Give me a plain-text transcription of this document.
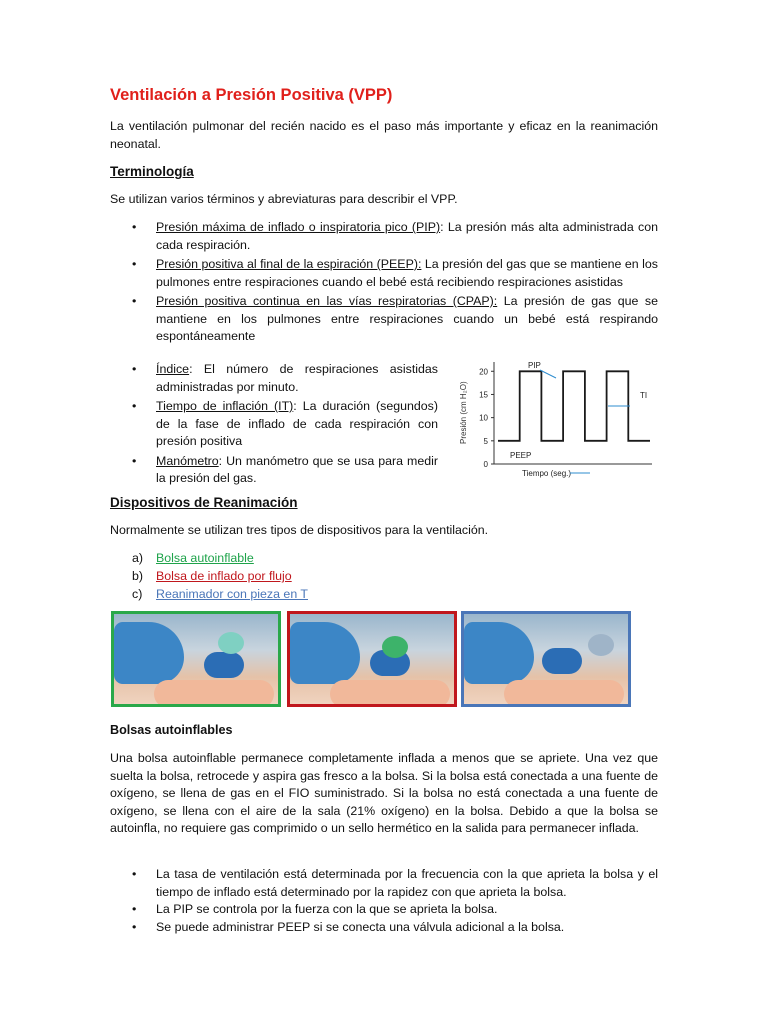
Ventilación a Presión Positiva (VPP)
La ventilación pulmonar del recién nacido es el paso más importante y eficaz en la reanimación neonatal.
Terminología
Se utilizan varios términos y abreviaturas para describir el VPP.
• Presión máxima de inflado o inspiratoria pico (PIP): La presión más alta administrada con cada respiración.
• Presión positiva al final de la espiración (PEEP): La presión del gas que se mantiene en los pulmones entre respiraciones cuando el bebé está recibiendo respiraciones asistidas
• Presión positiva continua en las vías respiratorias (CPAP): La presión de gas que se mantiene en los pulmones entre respiraciones cuando un bebé está respirando espontáneamente
• Índice: El número de respiraciones asistidas administradas por minuto.
• Tiempo de inflación (IT): La duración (segundos) de la fase de inflado de cada respiración con presión positiva
• Manómetro: Un manómetro que se usa para medir la presión del gas.
Presión (cm H₂O)
0
5
10
15
20
PIP
TI
PEEP
Tiempo (seg.)
Dispositivos de Reanimación
Normalmente se utilizan tres tipos de dispositivos para la ventilación.
a) Bolsa autoinflable
b) Bolsa de inflado por flujo
c) Reanimador con pieza en T
Bolsas autoinflables
Una bolsa autoinflable permanece completamente inflada a menos que se apriete. Una vez que suelta la bolsa, retrocede y aspira gas fresco a la bolsa. Si la bolsa está conectada a una fuente de oxígeno, se llena de gas en el FIO suministrado. Si la bolsa no está conectada a una fuente de oxígeno, se llena con el aire de la sala (21% oxígeno) en la bolsa. Debido a que la bolsa se autoinfla, no requiere gas comprimido o un sello hermético en la salida para permanecer inflada.
• La tasa de ventilación está determinada por la frecuencia con la que aprieta la bolsa y el tiempo de inflado está determinado por la rapidez con que aprieta la bolsa.
• La PIP se controla por la fuerza con la que se aprieta la bolsa.
• Se puede administrar PEEP si se conecta una válvula adicional a la bolsa.
